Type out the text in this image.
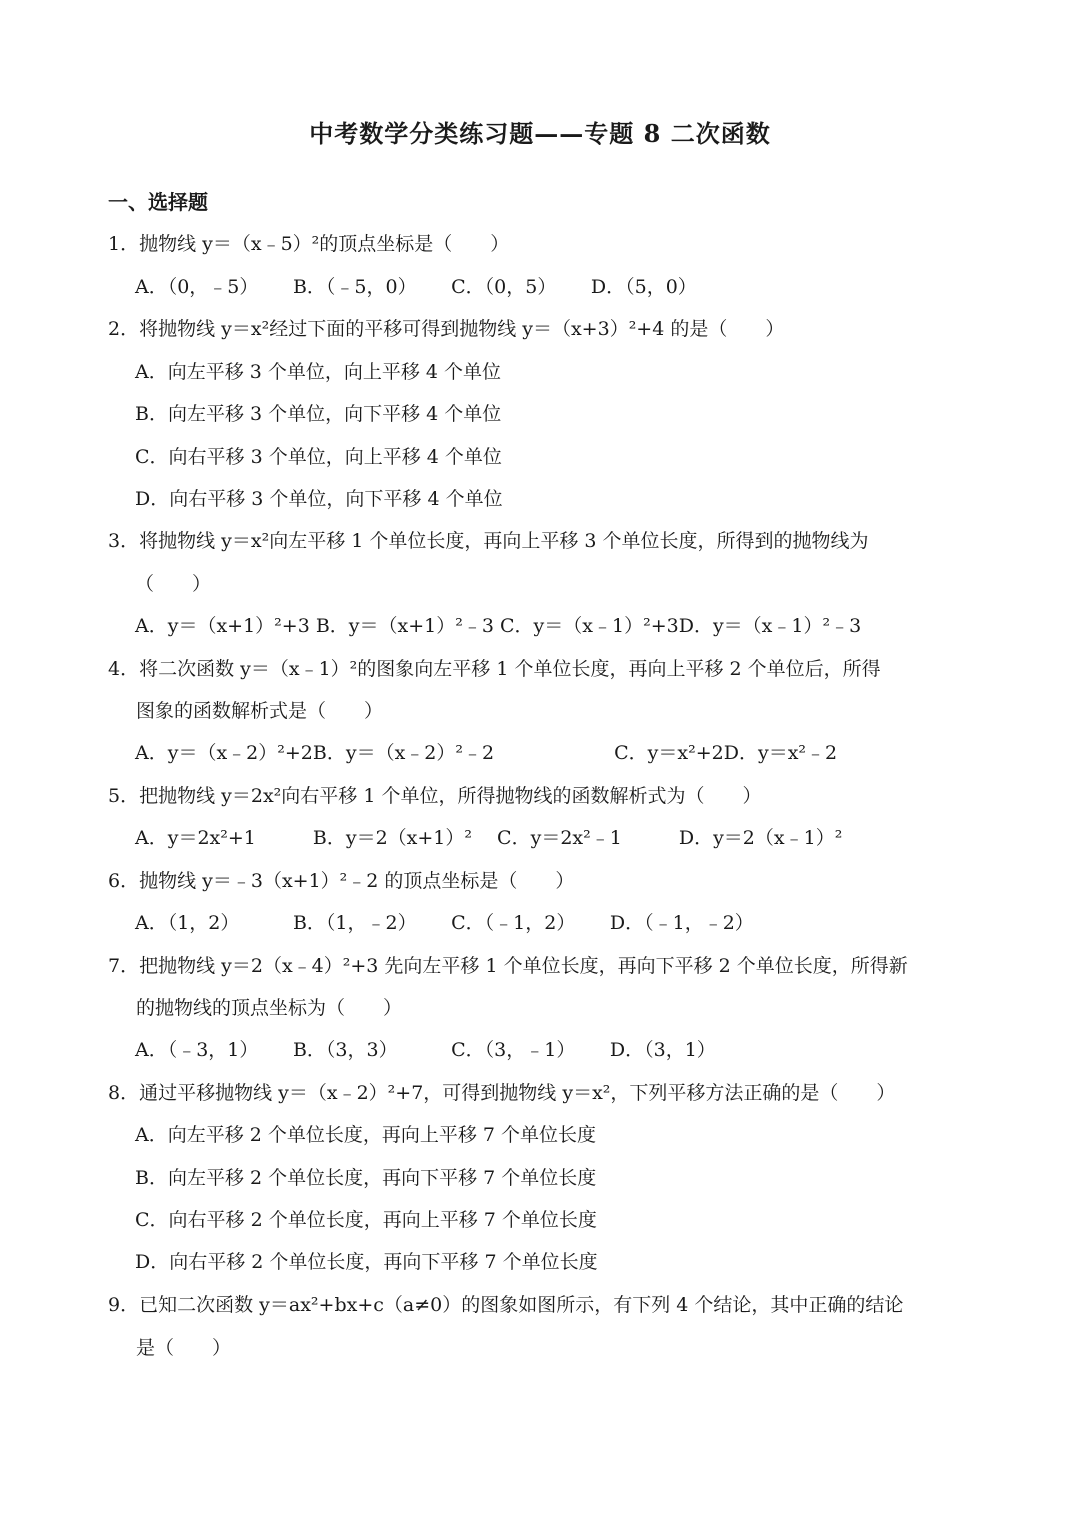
中考数学分类练习题——专题 8 二次函数
一、选择题
1．抛物线 y＝（x﹣5）²的顶点坐标是（　　）
A．（0，﹣5）　　 B．（﹣5，0）　　 C．（0，5）　　 D．（5，0）
2．将抛物线 y＝x²经过下面的平移可得到抛物线 y＝（x+3）²+4 的是（　　）
A．向左平移 3 个单位，向上平移 4 个单位
B．向左平移 3 个单位，向下平移 4 个单位
C．向右平移 3 个单位，向上平移 4 个单位
D．向右平移 3 个单位，向下平移 4 个单位
3．将抛物线 y＝x²向左平移 1 个单位长度，再向上平移 3 个单位长度，所得到的抛物线为
（　　）
A．y＝（x+1）²+3 B．y＝（x+1）²﹣3 C．y＝（x﹣1）²+3D．y＝（x﹣1）²﹣3
4．将二次函数 y＝（x﹣1）²的图象向左平移 1 个单位长度，再向上平移 2 个单位后，所得
图象的函数解析式是（　　）
A．y＝（x﹣2）²+2B．y＝（x﹣2）²﹣2　　　　　　 C．y＝x²+2D．y＝x²﹣2
5．把抛物线 y＝2x²向右平移 1 个单位，所得抛物线的函数解析式为（　　）
A．y＝2x²+1　　　B．y＝2（x+1）²　 C．y＝2x²﹣1　　　D．y＝2（x﹣1）²
6．抛物线 y＝﹣3（x+1）²﹣2 的顶点坐标是（　　）
A．（1，2）　　　 B．（1，﹣2）　　 C．（﹣1，2）　　 D．（﹣1，﹣2）
7．把抛物线 y＝2（x﹣4）²+3 先向左平移 1 个单位长度，再向下平移 2 个单位长度，所得新
的抛物线的顶点坐标为（　　）
A．（﹣3，1）　　 B．（3，3）　　　 C．（3，﹣1）　　 D．（3，1）
8．通过平移抛物线 y＝（x﹣2）²+7，可得到抛物线 y＝x²，下列平移方法正确的是（　　）
A．向左平移 2 个单位长度，再向上平移 7 个单位长度
B．向左平移 2 个单位长度，再向下平移 7 个单位长度
C．向右平移 2 个单位长度，再向上平移 7 个单位长度
D．向右平移 2 个单位长度，再向下平移 7 个单位长度
9．已知二次函数 y＝ax²+bx+c（a≠0）的图象如图所示，有下列 4 个结论，其中正确的结论
是（　　）
